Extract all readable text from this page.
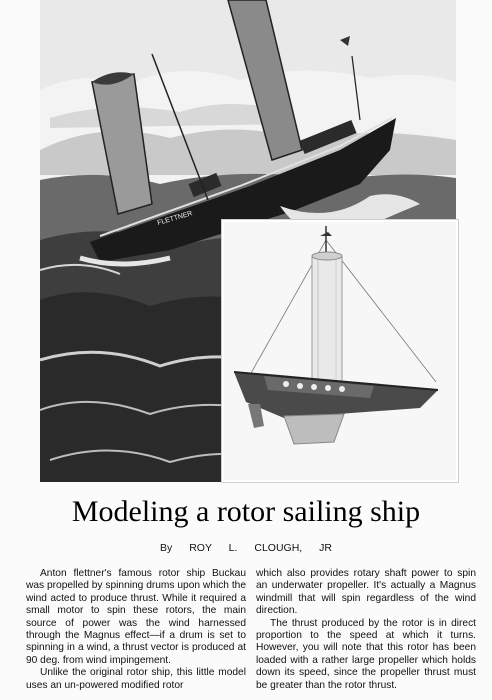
FLETTNER
Modeling a rotor sailing ship
By ROY L. CLOUGH, JR

Anton flettner's famous rotor ship Buckau was propelled by spinning drums upon which the wind acted to produce thrust. While it required a small motor to spin these rotors, the main source of power was the wind harnessed through the Magnus effect—if a drum is set to spinning in a wind, a thrust vector is produced at 90 deg. from wind impingement.

Unlike the original rotor ship, this little model uses an un-powered modified rotor

which also provides rotary shaft power to spin an underwater propeller. It's actually a Magnus windmill that will spin regardless of the wind direction.

The thrust produced by the rotor is in direct proportion to the speed at which it turns. However, you will note that this rotor has been loaded with a rather large propeller which holds down its speed, since the propeller thrust must be greater than the rotor thrust.
